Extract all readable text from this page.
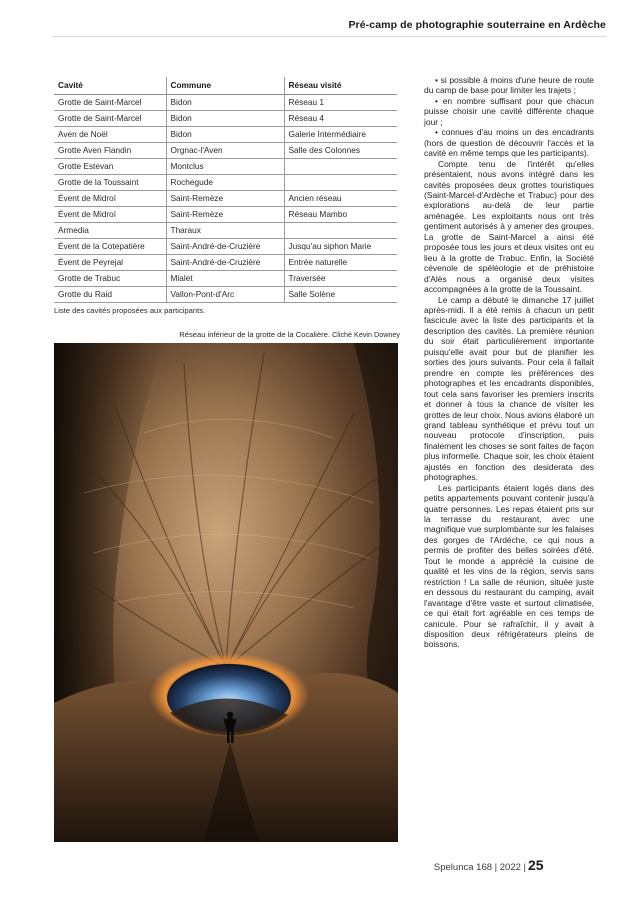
Pré-camp de photographie souterraine en Ardèche
Cavité	Commune	Réseau visité
Grotte de Saint-Marcel	Bidon	Réseau 1
Grotte de Saint-Marcel	Bidon	Réseau 4
Aven de Noël	Bidon	Galerie Intermédiaire
Grotte Aven Flandin	Orgnac-l'Aven	Salle des Colonnes
Grotte Estevan	Montclus	
Grotte de la Toussaint	Rochegude	
Évent de Midroï	Saint-Remèze	Ancien réseau
Évent de Midroï	Saint-Remèze	Réseau Mambo
Armedia	Tharaux	
Évent de la Cotepatière	Saint-André-de-Cruzière	Jusqu'au siphon Marie
Évent de Peyrejal	Saint-André-de-Cruzière	Entrée naturelle
Grotte de Trabuc	Mialet	Traversée
Grotte du Raid	Vallon-Pont-d'Arc	Salle Solène
Liste des cavités proposées aux participants.
Réseau inférieur de la grotte de la Cocalière. Cliché Kevin Downey

• si possible à moins d'une heure de route du camp de base pour limiter les trajets ;

• en nombre suffisant pour que chacun puisse choisir une cavité différente chaque jour ;

• connues d'au moins un des encadrants (hors de question de découvrir l'accès et la cavité en même temps que les participants).

Compte tenu de l'intérêt qu'elles présentaient, nous avons intégré dans les cavités proposées deux grottes touristiques (Saint-Marcel-d'Ardèche et Trabuc) pour des explorations au-delà de leur partie aménagée. Les exploitants nous ont très gentiment autorisés à y amener des groupes. La grotte de Saint-Marcel a ainsi été proposée tous les jours et deux visites ont eu lieu à la grotte de Trabuc. Enfin, la Société cévenole de spéléologie et de préhistoire d'Alès nous a organisé deux visites accompagnées à la grotte de la Toussaint.

Le camp a débuté le dimanche 17 juillet après-midi. Il a été remis à chacun un petit fascicule avec la liste des participants et la description des cavités. La première réunion du soir était particulièrement importante puisqu'elle avait pour but de planifier les sorties des jours suivants. Pour cela il fallait prendre en compte les préférences des photographes et les encadrants disponibles, tout cela sans favoriser les premiers inscrits et donner à tous la chance de visiter les grottes de leur choix. Nous avions élaboré un grand tableau synthétique et prévu tout un nouveau protocole d'inscription, puis finalement les choses se sont faites de façon plus informelle. Chaque soir, les choix étaient ajustés en fonction des desiderata des photographes.

Les participants étaient logés dans des petits appartements pouvant contenir jusqu'à quatre personnes. Les repas étaient pris sur la terrasse du restaurant, avec une magnifique vue surplombante sur les falaises des gorges de l'Ardèche, ce qui nous a permis de profiter des belles soirées d'été. Tout le monde a apprécié la cuisine de qualité et les vins de la région, servis sans restriction ! La salle de réunion, située juste en dessous du restaurant du camping, avait l'avantage d'être vaste et surtout climatisée, ce qui était fort agréable en ces temps de canicule. Pour se rafraîchir, il y avait à disposition deux réfrigérateurs pleins de boissons.

Spelunca 168 | 2022 | 25
